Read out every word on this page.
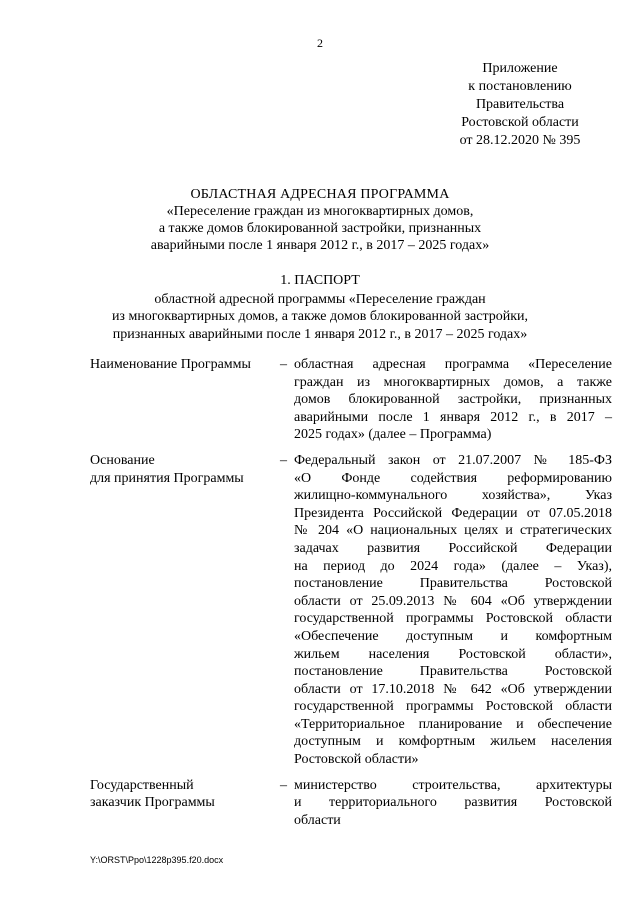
2
Приложение
к постановлению
Правительства
Ростовской области
от 28.12.2020 № 395
ОБЛАСТНАЯ АДРЕСНАЯ ПРОГРАММА
«Переселение граждан из многоквартирных домов,
а также домов блокированной застройки, признанных
аварийными после 1 января 2012 г., в 2017 – 2025 годах»
1. ПАСПОРТ
областной адресной программы «Переселение граждан
из многоквартирных домов, а также домов блокированной застройки,
признанных аварийными после 1 января 2012 г., в 2017 – 2025 годах»
Наименование Программы	– областная адресная программа «Переселение
граждан из многоквартирных домов, а также
домов блокированной застройки, признанных
аварийными после 1 января 2012 г., в 2017 –
2025 годах» (далее – Программа)
Основание
для принятия Программы
– Федеральный закон от 21.07.2007 № 185-ФЗ
«О Фонде содействия реформированию
жилищно-коммунального хозяйства», Указ
Президента Российской Федерации от 07.05.2018
№ 204 «О национальных целях и стратегических
задачах развития Российской Федерации
на период до 2024 года» (далее – Указ),
постановление Правительства Ростовской
области от 25.09.2013 № 604 «Об утверждении
государственной программы Ростовской области
«Обеспечение доступным и комфортным
жильем населения Ростовской области»,
постановление Правительства Ростовской
области от 17.10.2018 № 642 «Об утверждении
государственной программы Ростовской области
«Территориальное планирование и обеспечение
доступным и комфортным жильем населения
Ростовской области»
Государственный
заказчик Программы
– министерство строительства, архитектуры
и территориального развития Ростовской
области
Y:\ORST\Ppo\1228p395.f20.docx
